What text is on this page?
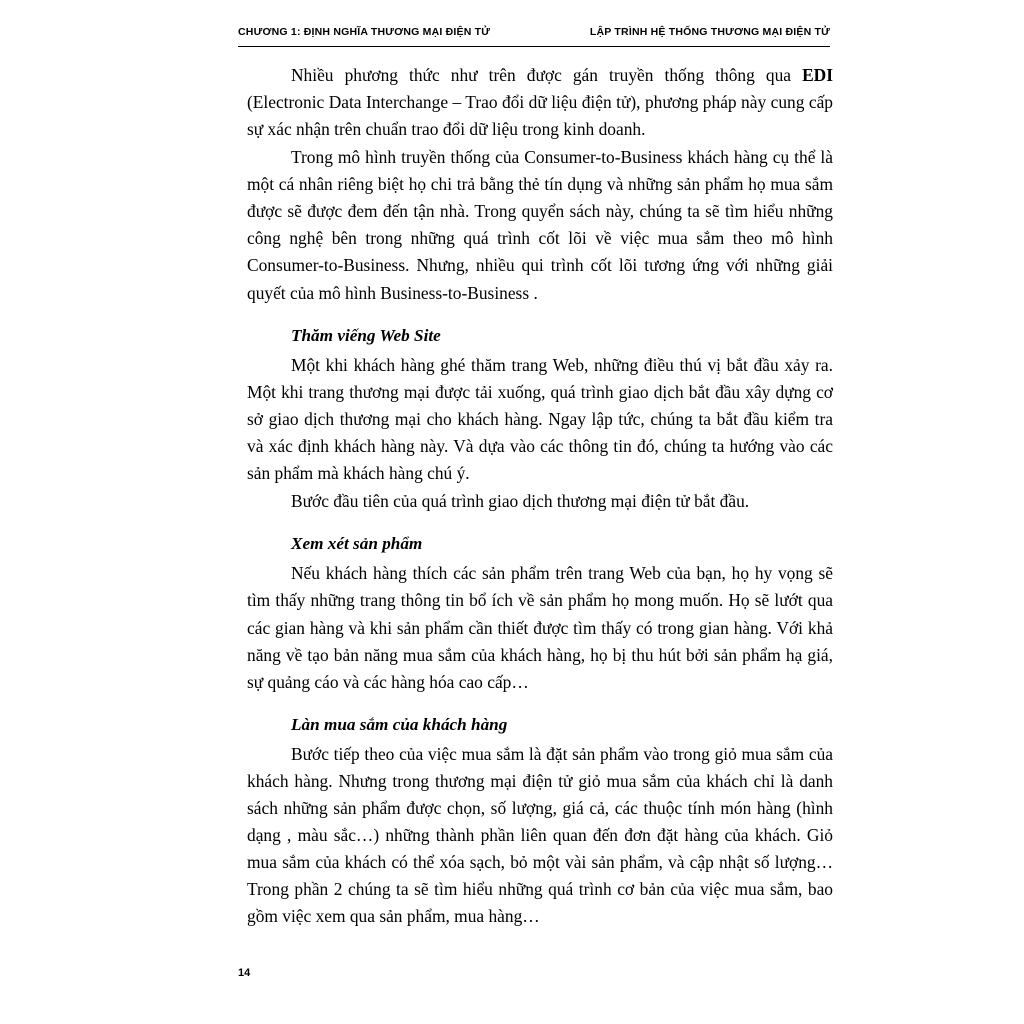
CHƯƠNG 1: ĐỊNH NGHĨA THƯƠNG MẠI ĐIỆN TỬ	LẬP TRÌNH HỆ THỐNG THƯƠNG MẠI ĐIỆN TỬ

Nhiều phương thức như trên được gán truyền thống thông qua EDI (Electronic Data Interchange – Trao đổi dữ liệu điện tử), phương pháp này cung cấp sự xác nhận trên chuẩn trao đổi dữ liệu trong kinh doanh.

Trong mô hình truyền thống của Consumer-to-Business khách hàng cụ thể là một cá nhân riêng biệt họ chi trả bằng thẻ tín dụng và những sản phẩm họ mua sắm được sẽ được đem đến tận nhà. Trong quyển sách này, chúng ta sẽ tìm hiểu những công nghệ bên trong những quá trình cốt lõi về việc mua sắm theo mô hình Consumer-to-Business. Nhưng, nhiều qui trình cốt lõi tương ứng với những giải quyết của mô hình Business-to-Business .

Thăm viếng Web Site

Một khi khách hàng ghé thăm trang Web, những điều thú vị bắt đầu xảy ra. Một khi trang thương mại được tải xuống, quá trình giao dịch bắt đầu xây dựng cơ sở giao dịch thương mại cho khách hàng. Ngay lập tức, chúng ta bắt đầu kiểm tra và xác định khách hàng này. Và dựa vào các thông tin đó, chúng ta hướng vào các sản phẩm mà khách hàng chú ý.

Bước đầu tiên của quá trình giao dịch thương mại điện tử bắt đầu.

Xem xét sản phẩm

Nếu khách hàng thích các sản phẩm trên trang Web của bạn, họ hy vọng sẽ tìm thấy những trang thông tin bổ ích về sản phẩm họ mong muốn. Họ sẽ lướt qua các gian hàng và khi sản phẩm cần thiết được tìm thấy có trong gian hàng. Với khả năng về tạo bản năng mua sắm của khách hàng, họ bị thu hút bởi sản phẩm hạ giá, sự quảng cáo và các hàng hóa cao cấp…

Làn mua sắm của khách hàng

Bước tiếp theo của việc mua sắm là đặt sản phẩm vào trong giỏ mua sắm của khách hàng. Nhưng trong thương mại điện tử giỏ mua sắm của khách chỉ là danh sách những sản phẩm được chọn, số lượng, giá cả, các thuộc tính món hàng (hình dạng , màu sắc…) những thành phần liên quan đến đơn đặt hàng của khách. Giỏ mua sắm của khách có thể xóa sạch, bỏ một vài sản phẩm, và cập nhật số lượng… Trong phần 2 chúng ta sẽ tìm hiểu những quá trình cơ bản của việc mua sắm, bao gồm việc xem qua sản phẩm, mua hàng…

14
